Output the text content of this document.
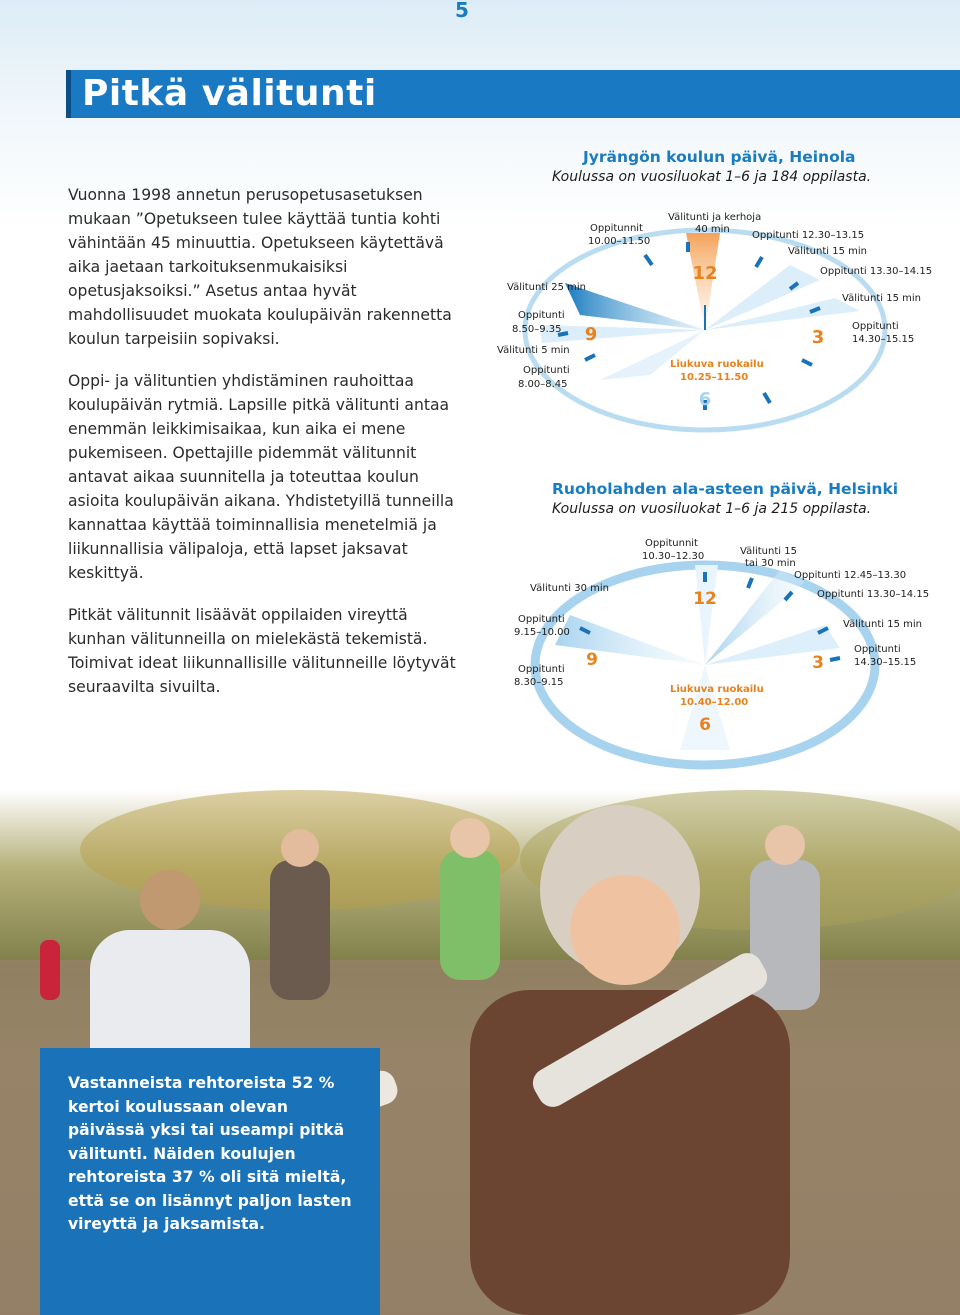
5
Pitkä välitunti

Vuonna 1998 annetun perusopetusasetuksen mukaan ”Opetukseen tulee käyttää tuntia kohti vähintään 45 minuuttia. Opetukseen käytettävä aika jaetaan tarkoituksenmukaisiksi opetusjaksoiksi.” Asetus antaa hyvät mahdollisuudet muokata koulupäivän rakennetta koulun tarpeisiin sopivaksi.

Oppi- ja välituntien yhdistäminen rauhoittaa koulupäivän rytmiä. Lapsille pitkä välitunti antaa enemmän leikkimisaikaa, kun aika ei mene pukemiseen. Opettajille pidemmät välitunnit antavat aikaa suunnitella ja toteuttaa koulun asioita koulupäivän aikana. Yhdistetyillä tunneilla kannattaa käyttää toiminnallisia menetelmiä ja liikunnallisia välipaloja, että lapset jaksavat keskittyä.

Pitkät välitunnit lisäävät oppilaiden vireyttä kunhan välitunneilla on mielekästä tekemistä. Toimivat ideat liikunnallisille välitunneille löytyvät seuraavilta sivuilta.

Jyrängön koulun päivä, Heinola
Koulussa on vuosiluokat 1–6 ja 184 oppilasta.
12
3
6
9
Välitunti 25 min
Oppitunti
8.50–9.35
Välitunti 5 min
Oppitunti
8.00–8.45
Oppitunnit
10.00–11.50
Välitunti ja kerhoja
40 min
Oppitunti 12.30–13.15
Välitunti 15 min
Oppitunti 13.30–14.15
Välitunti 15 min
Oppitunti
14.30–15.15
Liukuva ruokailu
10.25–11.50
Ruoholahden ala-asteen päivä, Helsinki
Koulussa on vuosiluokat 1–6 ja 215 oppilasta.
12
3
6
9
Oppitunnit
10.30–12.30	Välitunti 15
tai 30 min
Oppitunti 12.45–13.30
Oppitunti 13.30–14.15
Välitunti 15 min
Oppitunti
14.30–15.15
Välitunti 30 min
Oppitunti
9.15–10.00
Oppitunti
8.30–9.15
Liukuva ruokailu
10.40–12.00
Vastanneista rehtoreista 52 % kertoi koulussaan olevan päivässä yksi tai useampi pitkä välitunti. Näiden koulujen rehtoreista 37 % oli sitä mieltä, että se on lisännyt paljon lasten vireyttä ja jaksamista.
